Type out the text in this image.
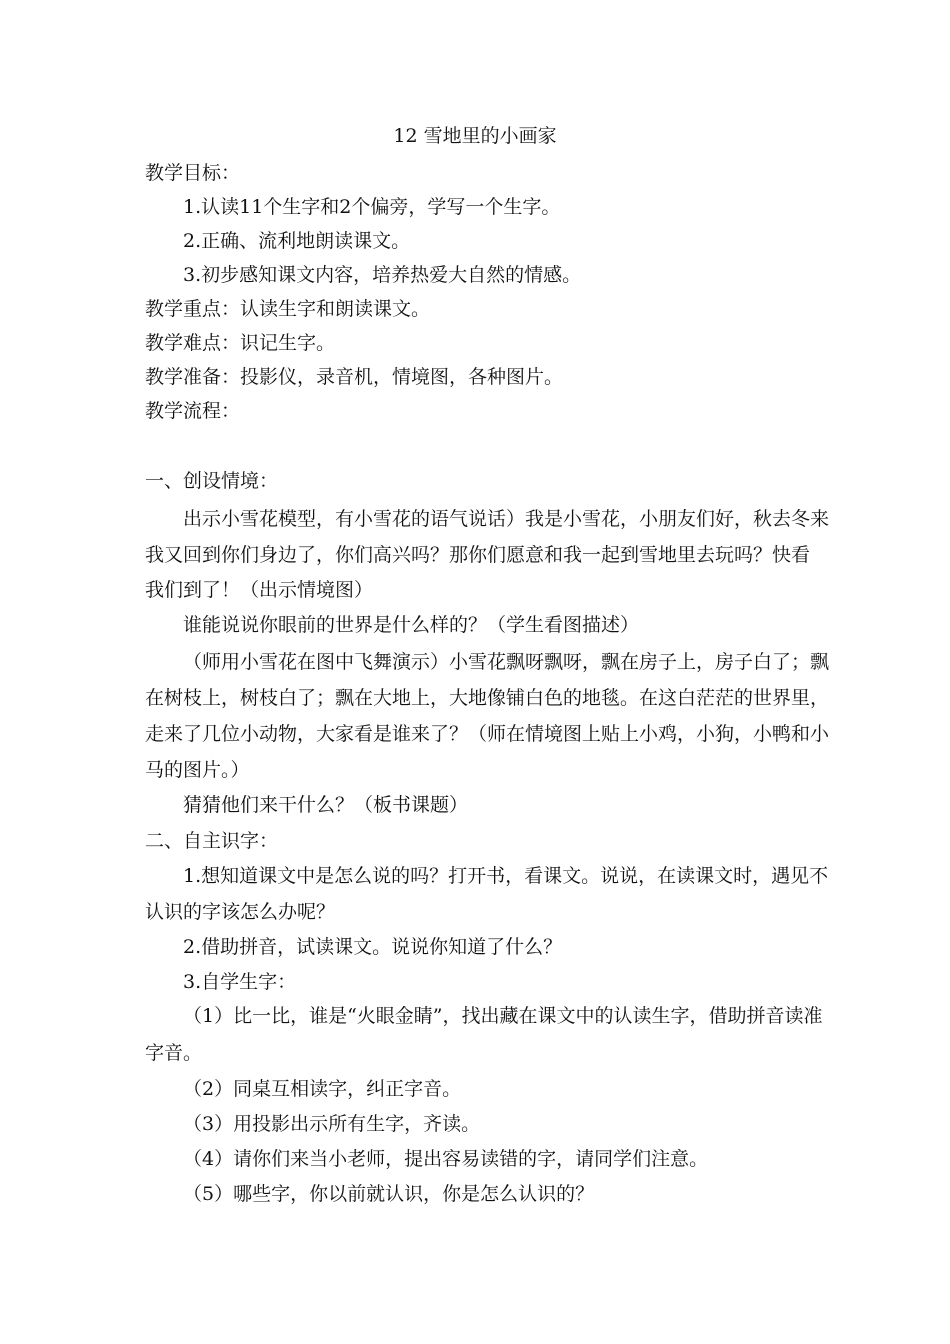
12 雪地里的小画家
教学目标：
1.认读11个生字和2个偏旁，学写一个生字。
2.正确、流利地朗读课文。
3.初步感知课文内容，培养热爱大自然的情感。
教学重点：认读生字和朗读课文。
教学难点：识记生字。
教学准备：投影仪，录音机，情境图，各种图片。
教学流程：
一、创设情境：
出示小雪花模型，有小雪花的语气说话）我是小雪花，小朋友们好，秋去冬来
我又回到你们身边了，你们高兴吗？那你们愿意和我一起到雪地里去玩吗？快看
我们到了！（出示情境图）
谁能说说你眼前的世界是什么样的？（学生看图描述）
（师用小雪花在图中飞舞演示）小雪花飘呀飘呀，飘在房子上，房子白了；飘
在树枝上，树枝白了；飘在大地上，大地像铺白色的地毯。在这白茫茫的世界里，
走来了几位小动物，大家看是谁来了？（师在情境图上贴上小鸡，小狗，小鸭和小
马的图片。）
猜猜他们来干什么？（板书课题）
二、自主识字：
1.想知道课文中是怎么说的吗？打开书，看课文。说说，在读课文时，遇见不
认识的字该怎么办呢？
2.借助拼音，试读课文。说说你知道了什么？
3.自学生字：
（1）比一比，谁是“火眼金睛”，找出藏在课文中的认读生字，借助拼音读准
字音。
（2）同桌互相读字，纠正字音。
（3）用投影出示所有生字，齐读。
（4）请你们来当小老师，提出容易读错的字，请同学们注意。
（5）哪些字，你以前就认识，你是怎么认识的？
